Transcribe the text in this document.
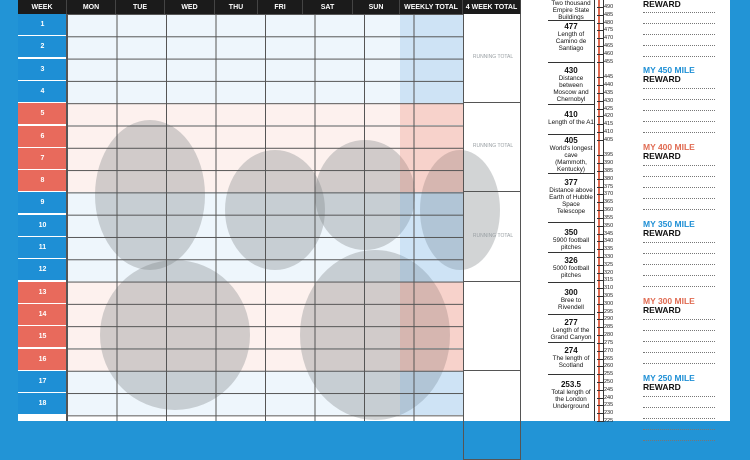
WEEK	MON	TUE	WED	THU	FRI	SAT	SUN	WEEKLY TOTAL	4 WEEK TOTAL
1
2
3
4
5
6
7
8
9
10
11
12
13
14
15
16
17
18
RUNNING TOTAL
RUNNING TOTAL
RUNNING TOTAL
490
485
480
475
470
465
460
455
445
440
435
430
425
420
415
410
405
395
390
385
380
375
370
365
360
355
350
345
340
335
330
325
320
315
310
305
300
295
290
285
280
275
270
265
260
255
250
245
240
235
230
225
Two thousand Empire State Buildings
477
Length of Camino de Santiago
430
Distance between Moscow and Chernobyl
410
Length of the A1
405
World's longest cave (Mammoth, Kentucky)
377
Distance above Earth of Hubble Space Telescope
350
5900 football pitches
326
5000 football pitches
300
Bree to Rivendell
277
Length of the Grand Canyon
274
The length of Scotland
253.5
Total length of the London Underground
REWARD
MY 450 MILE
REWARD
MY 400 MILE
REWARD
MY 350 MILE
REWARD
MY 300 MILE
REWARD
MY 250 MILE
REWARD
